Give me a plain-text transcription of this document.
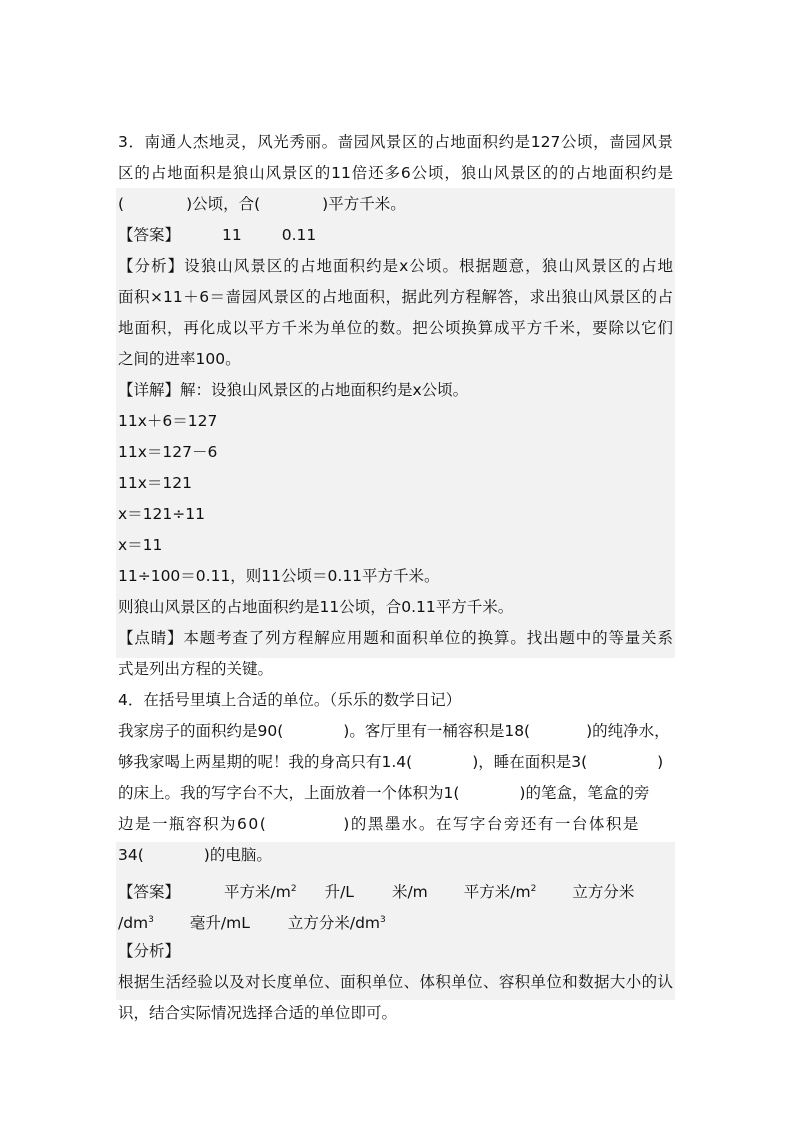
3．南通人杰地灵，风光秀丽。啬园风景区的占地面积约是127公顷，啬园风景
区的占地面积是狼山风景区的11倍还多6公顷，狼山风景区的的占地面积约是
(	)公顷，合(	)平方千米。
【答案】	11	0.11
【分析】设狼山风景区的占地面积约是x公顷。根据题意，狼山风景区的占地
面积×11＋6＝啬园风景区的占地面积，据此列方程解答，求出狼山风景区的占
地面积，再化成以平方千米为单位的数。把公顷换算成平方千米，要除以它们
之间的进率100。
【详解】解：设狼山风景区的占地面积约是x公顷。
11x＋6＝127
11x＝127－6
11x＝121
x＝121÷11
x＝11
11÷100＝0.11，则11公顷＝0.11平方千米。
则狼山风景区的占地面积约是11公顷，合0.11平方千米。
【点睛】本题考查了列方程解应用题和面积单位的换算。找出题中的等量关系
式是列出方程的关键。
4．在括号里填上合适的单位。（乐乐的数学日记）
我家房子的面积约是90(	)。客厅里有一桶容积是18(	)的纯净水，
够我家喝上两星期的呢！我的身高只有1.4(	)，睡在面积是3(	)
的床上。我的写字台不大，上面放着一个体积为1(	)的笔盒，笔盒的旁
边是一瓶容积为60(	)的黑墨水。在写字台旁还有一台体积是
34(	)的电脑。
【答案】	平方米$/m^2$ 升/L 米/m 平方米$/m^2$ 立方分米
$/dm^3$ 毫升/mL 立方分米$/dm^3$
【分析】
根据生活经验以及对长度单位、面积单位、体积单位、容积单位和数据大小的认
识，结合实际情况选择合适的单位即可。
